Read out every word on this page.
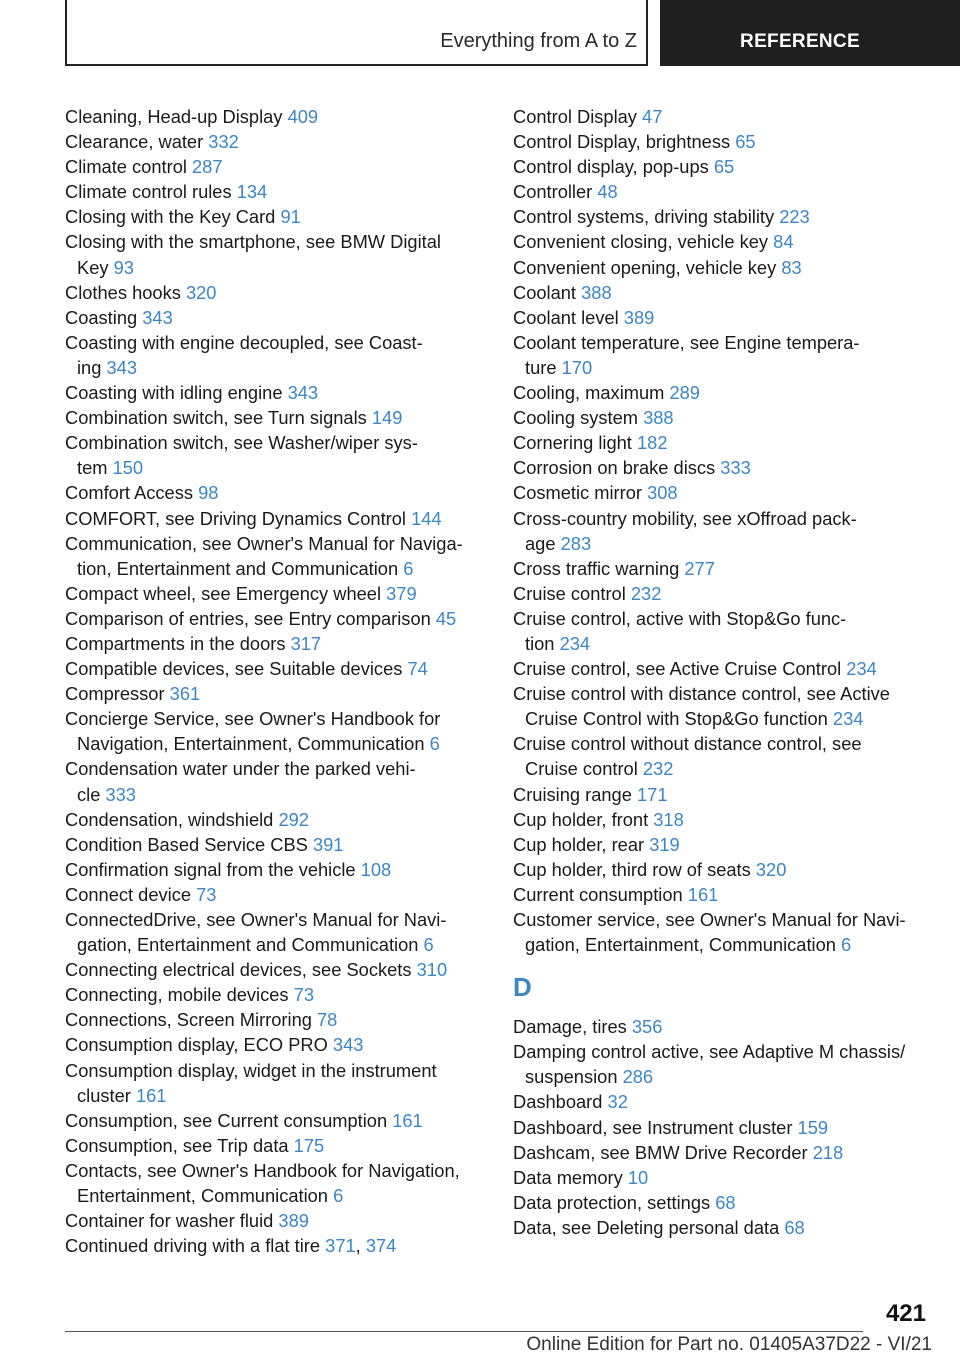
Everything from A to Z	REFERENCE
Cleaning, Head-up Display 409
Clearance, water 332
Climate control 287
Climate control rules 134
Closing with the Key Card 91
Closing with the smartphone, see BMW Digital
Key 93
Clothes hooks 320
Coasting 343
Coasting with engine decoupled, see Coast-
ing 343
Coasting with idling engine 343
Combination switch, see Turn signals 149
Combination switch, see Washer/wiper sys-
tem 150
Comfort Access 98
COMFORT, see Driving Dynamics Control 144
Communication, see Owner's Manual for Naviga-
tion, Entertainment and Communication 6
Compact wheel, see Emergency wheel 379
Comparison of entries, see Entry comparison 45
Compartments in the doors 317
Compatible devices, see Suitable devices 74
Compressor 361
Concierge Service, see Owner's Handbook for
Navigation, Entertainment, Communication 6
Condensation water under the parked vehi-
cle 333
Condensation, windshield 292
Condition Based Service CBS 391
Confirmation signal from the vehicle 108
Connect device 73
ConnectedDrive, see Owner's Manual for Navi-
gation, Entertainment and Communication 6
Connecting electrical devices, see Sockets 310
Connecting, mobile devices 73
Connections, Screen Mirroring 78
Consumption display, ECO PRO 343
Consumption display, widget in the instrument
cluster 161
Consumption, see Current consumption 161
Consumption, see Trip data 175
Contacts, see Owner's Handbook for Navigation,
Entertainment, Communication 6
Container for washer fluid 389
Continued driving with a flat tire 371, 374
Control Display 47
Control Display, brightness 65
Control display, pop-ups 65
Controller 48
Control systems, driving stability 223
Convenient closing, vehicle key 84
Convenient opening, vehicle key 83
Coolant 388
Coolant level 389
Coolant temperature, see Engine tempera-
ture 170
Cooling, maximum 289
Cooling system 388
Cornering light 182
Corrosion on brake discs 333
Cosmetic mirror 308
Cross-country mobility, see xOffroad pack-
age 283
Cross traffic warning 277
Cruise control 232
Cruise control, active with Stop&Go func-
tion 234
Cruise control, see Active Cruise Control 234
Cruise control with distance control, see Active
Cruise Control with Stop&Go function 234
Cruise control without distance control, see
Cruise control 232
Cruising range 171
Cup holder, front 318
Cup holder, rear 319
Cup holder, third row of seats 320
Current consumption 161
Customer service, see Owner's Manual for Navi-
gation, Entertainment, Communication 6
D
Damage, tires 356
Damping control active, see Adaptive M chassis/
suspension 286
Dashboard 32
Dashboard, see Instrument cluster 159
Dashcam, see BMW Drive Recorder 218
Data memory 10
Data protection, settings 68
Data, see Deleting personal data 68
421
Online Edition for Part no. 01405A37D22 - VI/21
